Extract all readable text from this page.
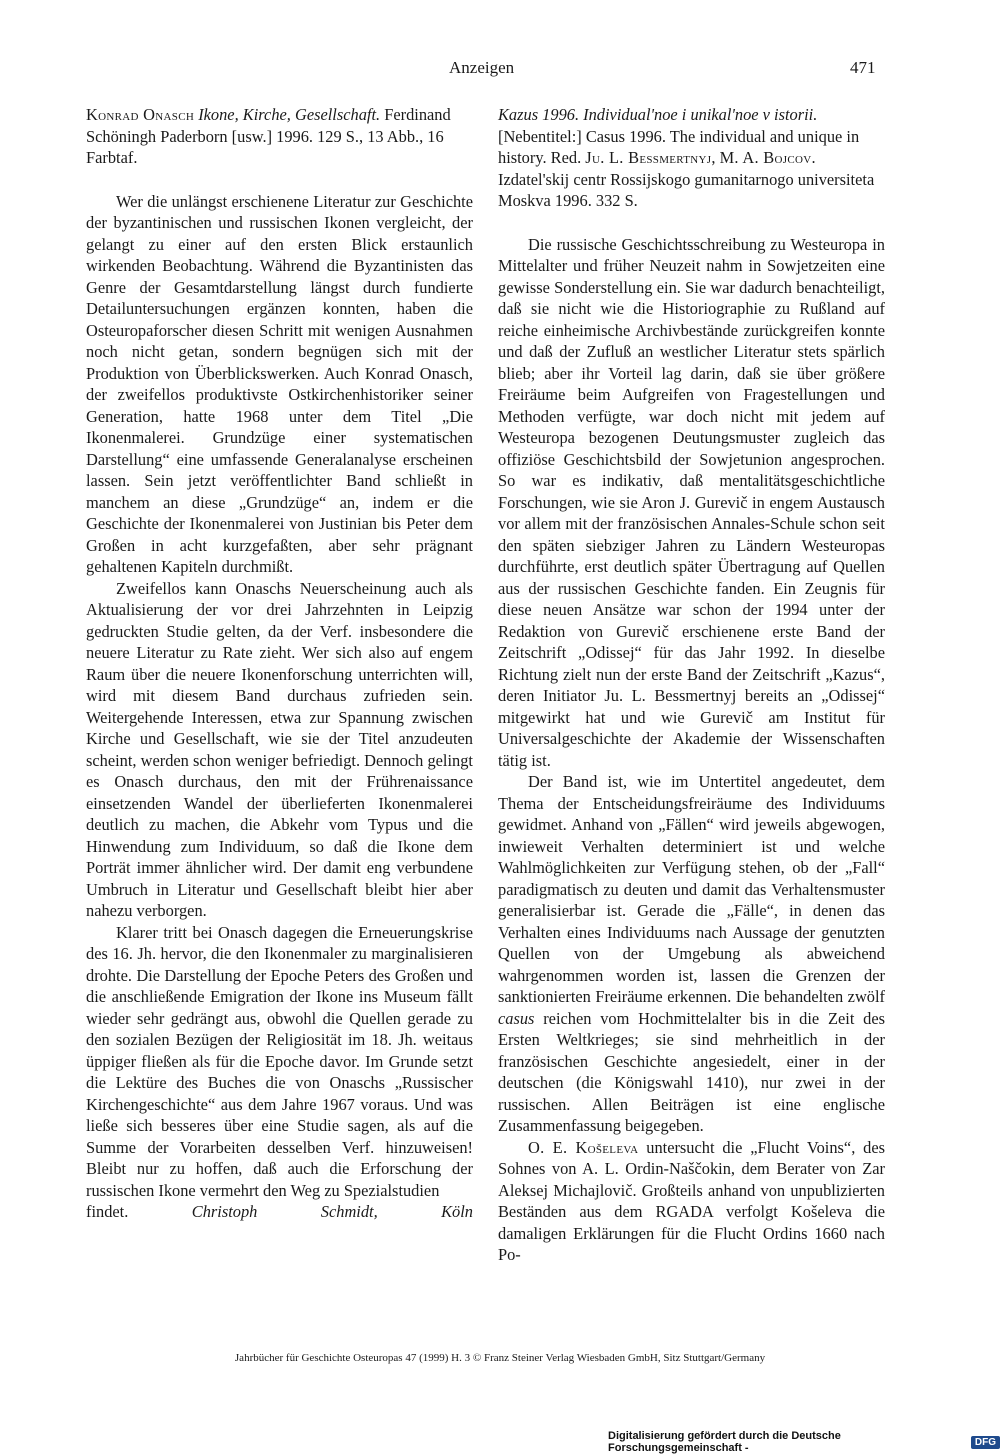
Anzeigen	471

Konrad Onasch Ikone, Kirche, Gesellschaft. Ferdinand Schöningh Paderborn [usw.] 1996. 129 S., 13 Abb., 16 Farbtaf.

Wer die unlängst erschienene Literatur zur Geschichte der byzantinischen und russischen Ikonen vergleicht, der gelangt zu einer auf den ersten Blick erstaunlich wirkenden Beobachtung. Während die Byzantinisten das Genre der Gesamtdarstellung längst durch fundierte Detailuntersuchungen ergänzen konnten, haben die Osteuropaforscher diesen Schritt mit wenigen Ausnahmen noch nicht getan, sondern begnügen sich mit der Produktion von Überblickswerken. Auch Konrad Onasch, der zweifellos produktivste Ostkirchenhistoriker seiner Generation, hatte 1968 unter dem Titel „Die Ikonenmalerei. Grundzüge einer systematischen Darstellung“ eine umfassende Generalanalyse erscheinen lassen. Sein jetzt veröffentlichter Band schließt in manchem an diese „Grundzüge“ an, indem er die Geschichte der Ikonenmalerei von Justinian bis Peter dem Großen in acht kurzgefaßten, aber sehr prägnant gehaltenen Kapiteln durchmißt.

Zweifellos kann Onaschs Neuerscheinung auch als Aktualisierung der vor drei Jahrzehnten in Leipzig gedruckten Studie gelten, da der Verf. insbesondere die neuere Literatur zu Rate zieht. Wer sich also auf engem Raum über die neuere Ikonenforschung unterrichten will, wird mit diesem Band durchaus zufrieden sein. Weitergehende Interessen, etwa zur Spannung zwischen Kirche und Gesellschaft, wie sie der Titel anzudeuten scheint, werden schon weniger befriedigt. Dennoch gelingt es Onasch durchaus, den mit der Frührenaissance einsetzenden Wandel der überlieferten Ikonenmalerei deutlich zu machen, die Abkehr vom Typus und die Hinwendung zum Individuum, so daß die Ikone dem Porträt immer ähnlicher wird. Der damit eng verbundene Umbruch in Literatur und Gesellschaft bleibt hier aber nahezu verborgen.

Klarer tritt bei Onasch dagegen die Erneuerungskrise des 16. Jh. hervor, die den Ikonenmaler zu marginalisieren drohte. Die Darstellung der Epoche Peters des Großen und die anschließende Emigration der Ikone ins Museum fällt wieder sehr gedrängt aus, obwohl die Quellen gerade zu den sozialen Bezügen der Religiosität im 18. Jh. weitaus üppiger fließen als für die Epoche davor. Im Grunde setzt die Lektüre des Buches die von Onaschs „Russischer Kirchengeschichte“ aus dem Jahre 1967 voraus. Und was ließe sich besseres über eine Studie sagen, als auf die Summe der Vorarbeiten desselben Verf. hinzuweisen! Bleibt nur zu hoffen, daß auch die Erforschung der russischen Ikone vermehrt den Weg zu Spezialstudien

findet.	Christoph Schmidt, Köln

Kazus 1996. Individual'noe i unikal'noe v istorii. [Nebentitel:] Casus 1996. The individual and unique in history. Red. Ju. L. Bessmertnyj, M. A. Bojcov. Izdatel'skij centr Rossijskogo gumanitarnogo universiteta Moskva 1996. 332 S.

Die russische Geschichtsschreibung zu Westeuropa in Mittelalter und früher Neuzeit nahm in Sowjetzeiten eine gewisse Sonderstellung ein. Sie war dadurch benachteiligt, daß sie nicht wie die Historiographie zu Rußland auf reiche einheimische Archivbestände zurückgreifen konnte und daß der Zufluß an westlicher Literatur stets spärlich blieb; aber ihr Vorteil lag darin, daß sie über größere Freiräume beim Aufgreifen von Fragestellungen und Methoden verfügte, war doch nicht mit jedem auf Westeuropa bezogenen Deutungsmuster zugleich das offiziöse Geschichtsbild der Sowjetunion angesprochen. So war es indikativ, daß mentalitätsgeschichtliche Forschungen, wie sie Aron J. Gurevič in engem Austausch vor allem mit der französischen Annales-Schule schon seit den späten siebziger Jahren zu Ländern Westeuropas durchführte, erst deutlich später Übertragung auf Quellen aus der russischen Geschichte fanden. Ein Zeugnis für diese neuen Ansätze war schon der 1994 unter der Redaktion von Gurevič erschienene erste Band der Zeitschrift „Odissej“ für das Jahr 1992. In dieselbe Richtung zielt nun der erste Band der Zeitschrift „Kazus“, deren Initiator Ju. L. Bessmertnyj bereits an „Odissej“ mitgewirkt hat und wie Gurevič am Institut für Universalgeschichte der Akademie der Wissenschaften tätig ist.

Der Band ist, wie im Untertitel angedeutet, dem Thema der Entscheidungsfreiräume des Individuums gewidmet. Anhand von „Fällen“ wird jeweils abgewogen, inwieweit Verhalten determiniert ist und welche Wahlmöglichkeiten zur Verfügung stehen, ob der „Fall“ paradigmatisch zu deuten und damit das Verhaltensmuster generalisierbar ist. Gerade die „Fälle“, in denen das Verhalten eines Individuums nach Aussage der genutzten Quellen von der Umgebung als abweichend wahrgenommen worden ist, lassen die Grenzen der sanktionierten Freiräume erkennen. Die behandelten zwölf casus reichen vom Hochmittelalter bis in die Zeit des Ersten Weltkrieges; sie sind mehrheitlich in der französischen Geschichte angesiedelt, einer in der deutschen (die Königswahl 1410), nur zwei in der russischen. Allen Beiträgen ist eine englische Zusammenfassung beigegeben.

O. E. Košeleva untersucht die „Flucht Voins“, des Sohnes von A. L. Ordin-Naščokin, dem Berater von Zar Aleksej Michajlovič. Großteils anhand von unpublizierten Beständen aus dem RGADA verfolgt Košeleva die damaligen Erklärungen für die Flucht Ordins 1660 nach Po-

Jahrbücher für Geschichte Osteuropas 47 (1999) H. 3 © Franz Steiner Verlag Wiesbaden GmbH, Sitz Stuttgart/Germany
Digitalisierung gefördert durch die Deutsche Forschungsgemeinschaft -	DFG
